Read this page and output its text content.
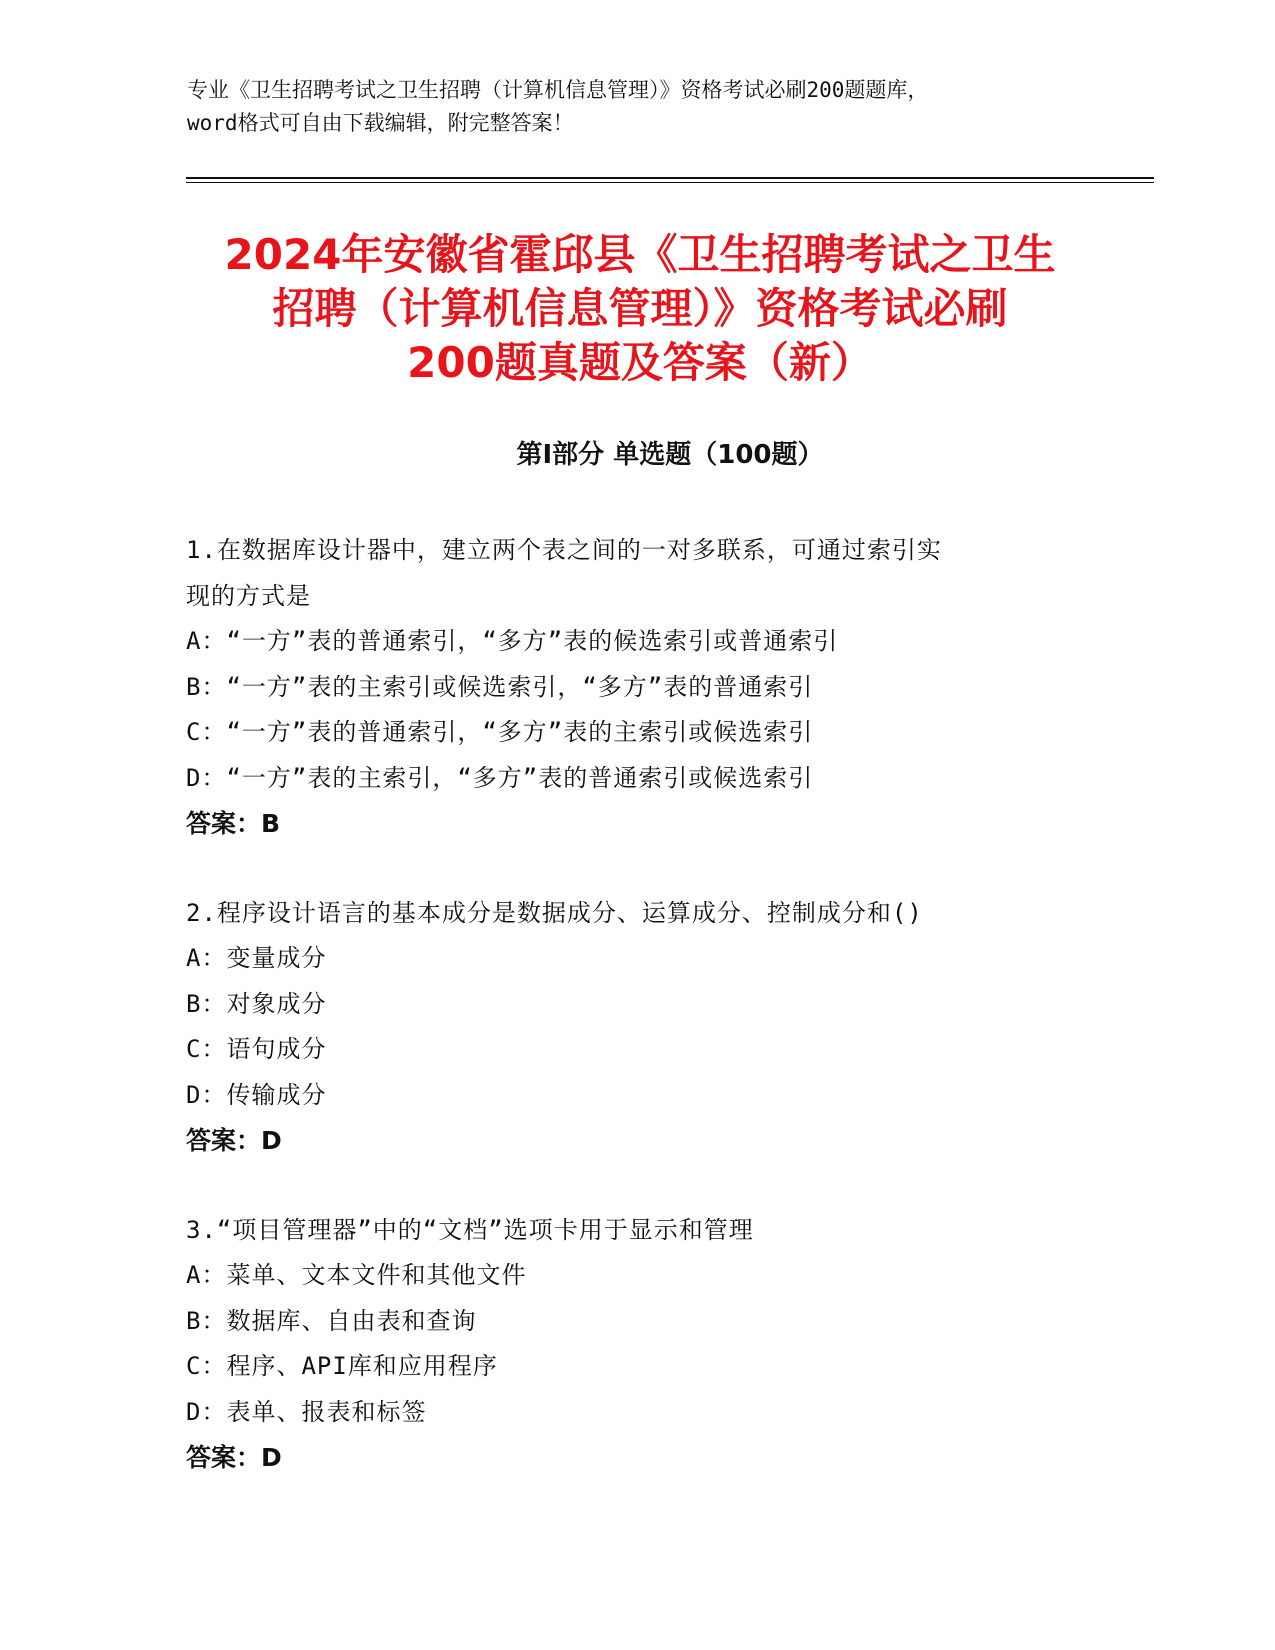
专业《卫生招聘考试之卫生招聘（计算机信息管理）》资格考试必刷200题题库，
word格式可自由下载编辑，附完整答案！
2024年安徽省霍邱县《卫生招聘考试之卫生
招聘（计算机信息管理）》资格考试必刷
200题真题及答案（新）
第I部分 单选题（100题）
1.在数据库设计器中，建立两个表之间的一对多联系，可通过索引实
现的方式是
A：“一方”表的普通索引，“多方”表的候选索引或普通索引
B：“一方”表的主索引或候选索引，“多方”表的普通索引
C：“一方”表的普通索引，“多方”表的主索引或候选索引
D：“一方”表的主索引，“多方”表的普通索引或候选索引
答案：B
2.程序设计语言的基本成分是数据成分、运算成分、控制成分和()
A：变量成分
B：对象成分
C：语句成分
D：传输成分
答案：D
3.“项目管理器”中的“文档”选项卡用于显示和管理
A：菜单、文本文件和其他文件
B：数据库、自由表和查询
C：程序、API库和应用程序
D：表单、报表和标签
答案：D
